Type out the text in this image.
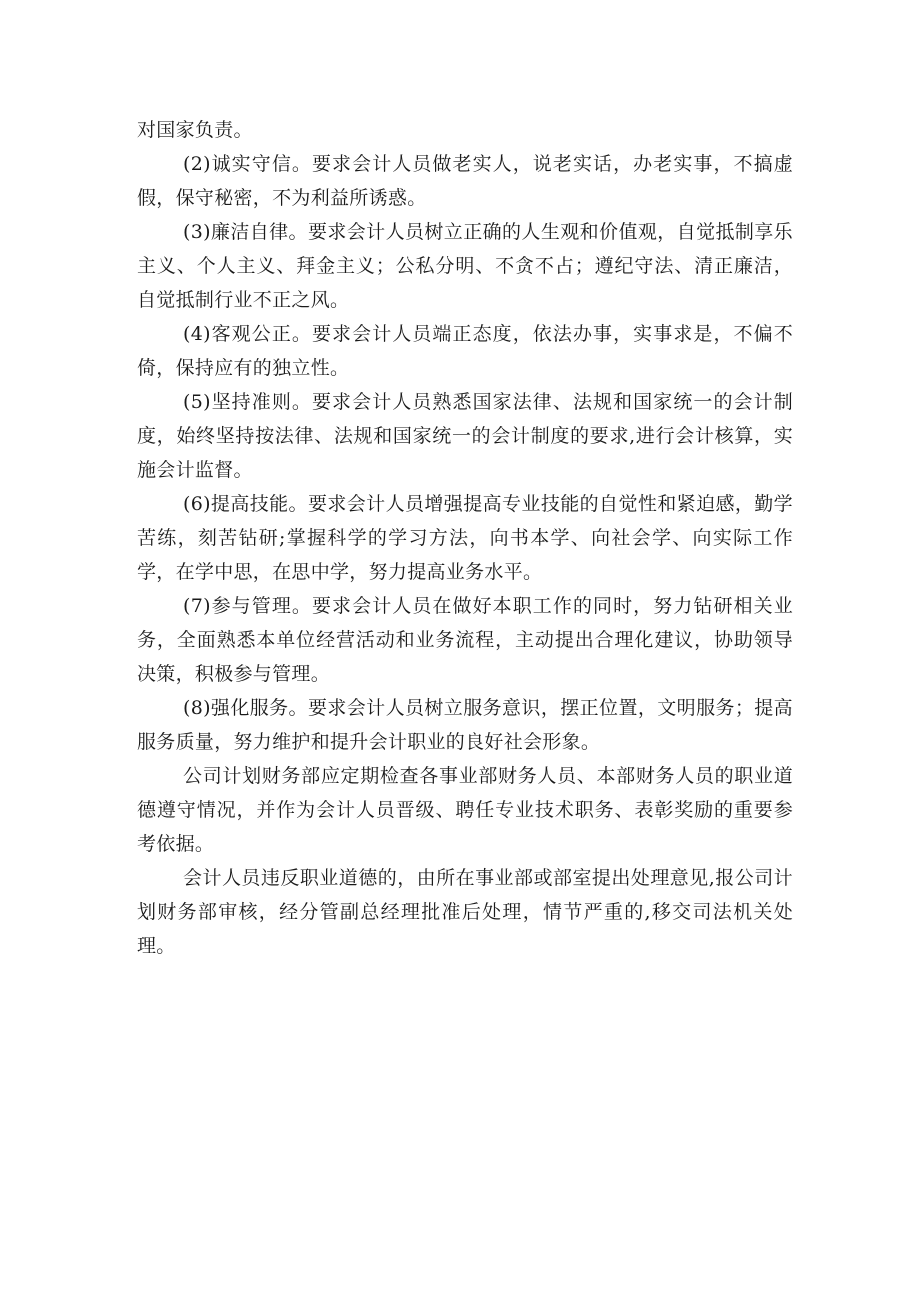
对国家负责。

(2)诚实守信。要求会计人员做老实人，说老实话，办老实事，不搞虚假，保守秘密，不为利益所诱惑。

(3)廉洁自律。要求会计人员树立正确的人生观和价值观，自觉抵制享乐主义、个人主义、拜金主义；公私分明、不贪不占；遵纪守法、清正廉洁，自觉抵制行业不正之风。

(4)客观公正。要求会计人员端正态度，依法办事，实事求是，不偏不倚，保持应有的独立性。

(5)坚持准则。要求会计人员熟悉国家法律、法规和国家统一的会计制度，始终坚持按法律、法规和国家统一的会计制度的要求,进行会计核算，实施会计监督。

(6)提高技能。要求会计人员增强提高专业技能的自觉性和紧迫感，勤学苦练，刻苦钻研;掌握科学的学习方法，向书本学、向社会学、向实际工作学，在学中思，在思中学，努力提高业务水平。

(7)参与管理。要求会计人员在做好本职工作的同时，努力钻研相关业务，全面熟悉本单位经营活动和业务流程，主动提出合理化建议，协助领导决策，积极参与管理。

(8)强化服务。要求会计人员树立服务意识，摆正位置，文明服务；提高服务质量，努力维护和提升会计职业的良好社会形象。

公司计划财务部应定期检查各事业部财务人员、本部财务人员的职业道德遵守情况，并作为会计人员晋级、聘任专业技术职务、表彰奖励的重要参考依据。

会计人员违反职业道德的，由所在事业部或部室提出处理意见,报公司计划财务部审核，经分管副总经理批准后处理，情节严重的,移交司法机关处理。
